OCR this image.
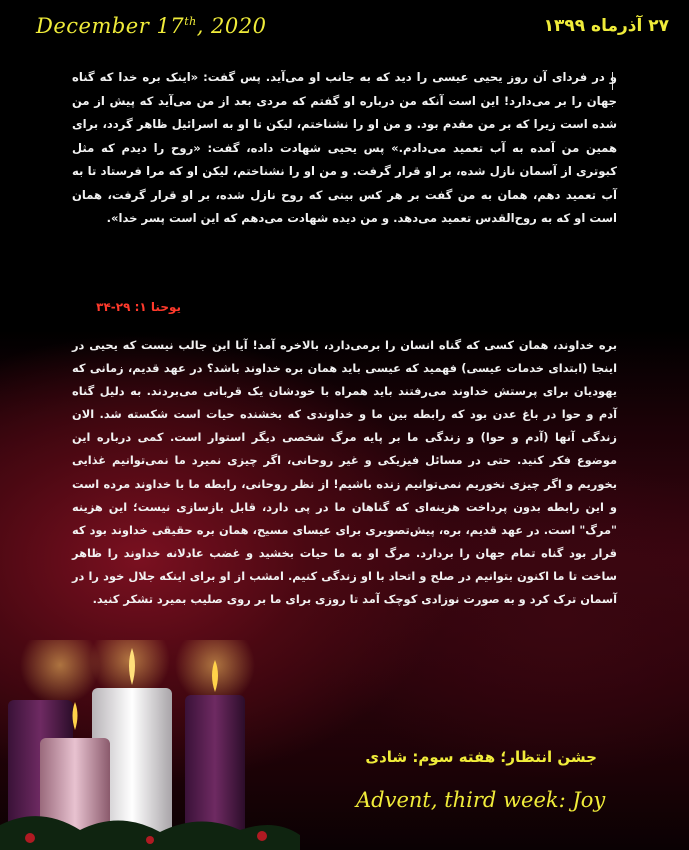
December 17th, 2020	۲۷ آذرماه ۱۳۹۹
و در فردای آن روز یحیی عیسی را دید که به جانب او می‌آید. پس گفت: «اینک بره خدا که گناه جهان را بر می‌دارد! این است آنکه من درباره او گفتم که مردی بعد از من می‌آید که پیش از من شده است زیرا که بر من مقدم بود. و من او را نشناختم، لیکن تا او به اسرائیل ظاهر گردد، برای همین من آمده به آب تعمید می‌دادم.» پس یحیی شهادت داده، گفت: «روح را دیدم که مثل کبوتری از آسمان نازل شده، بر او قرار گرفت. و من او را نشناختم، لیکن او که مرا فرستاد تا به آب تعمید دهم، همان به من گفت بر هر کس بینی که روح نازل شده، بر او قرار گرفت، همان است او که به روح‌القدس تعمید می‌دهد. و من دیده شهادت می‌دهم که این است پسر خدا».
یوحنا ۱: ۲۹-۳۴
بره خداوند، همان کسی که گناه انسان را برمی‌دارد، بالاخره آمد! آیا این جالب نیست که یحیی در اینجا (ابتدای خدمات عیسی) فهمید که عیسی باید همان بره خداوند باشد؟ در عهد قدیم، زمانی که یهودیان برای پرستش خداوند می‌رفتند باید همراه با خودشان یک قربانی می‌بردند. به دلیل گناه آدم و حوا در باغ عدن بود که رابطه بین ما و خداوندی که بخشنده حیات است شکسته شد. الان زندگی آنها (آدم و حوا) و زندگی ما بر پایه مرگ شخصی دیگر استوار است. کمی درباره این موضوع فکر کنید. حتی در مسائل فیزیکی و غیر روحانی، اگر چیزی نمیرد ما نمی‌توانیم غذایی بخوریم و اگر چیزی نخوریم نمی‌توانیم زنده باشیم! از نظر روحانی، رابطه ما با خداوند مرده است و این رابطه بدون پرداخت هزینه‌ای که گناهان ما در پی دارد، قابل بازسازی نیست؛ این هزینه "مرگ" است. در عهد قدیم، بره، پیش‌تصویری برای عیسای مسیح، همان بره حقیقی خداوند بود که قرار بود گناه تمام جهان را بردارد. مرگ او به ما حیات بخشید و غضب عادلانه خداوند را ظاهر ساخت تا ما اکنون بتوانیم در صلح و اتحاد با او زندگی کنیم. امشب از او برای اینکه جلال خود را در آسمان ترک کرد و به صورت نوزادی کوچک آمد تا روزی برای ما بر روی صلیب بمیرد تشکر کنید.
جشن انتظار؛ هفته سوم: شادی
Advent, third week: Joy
